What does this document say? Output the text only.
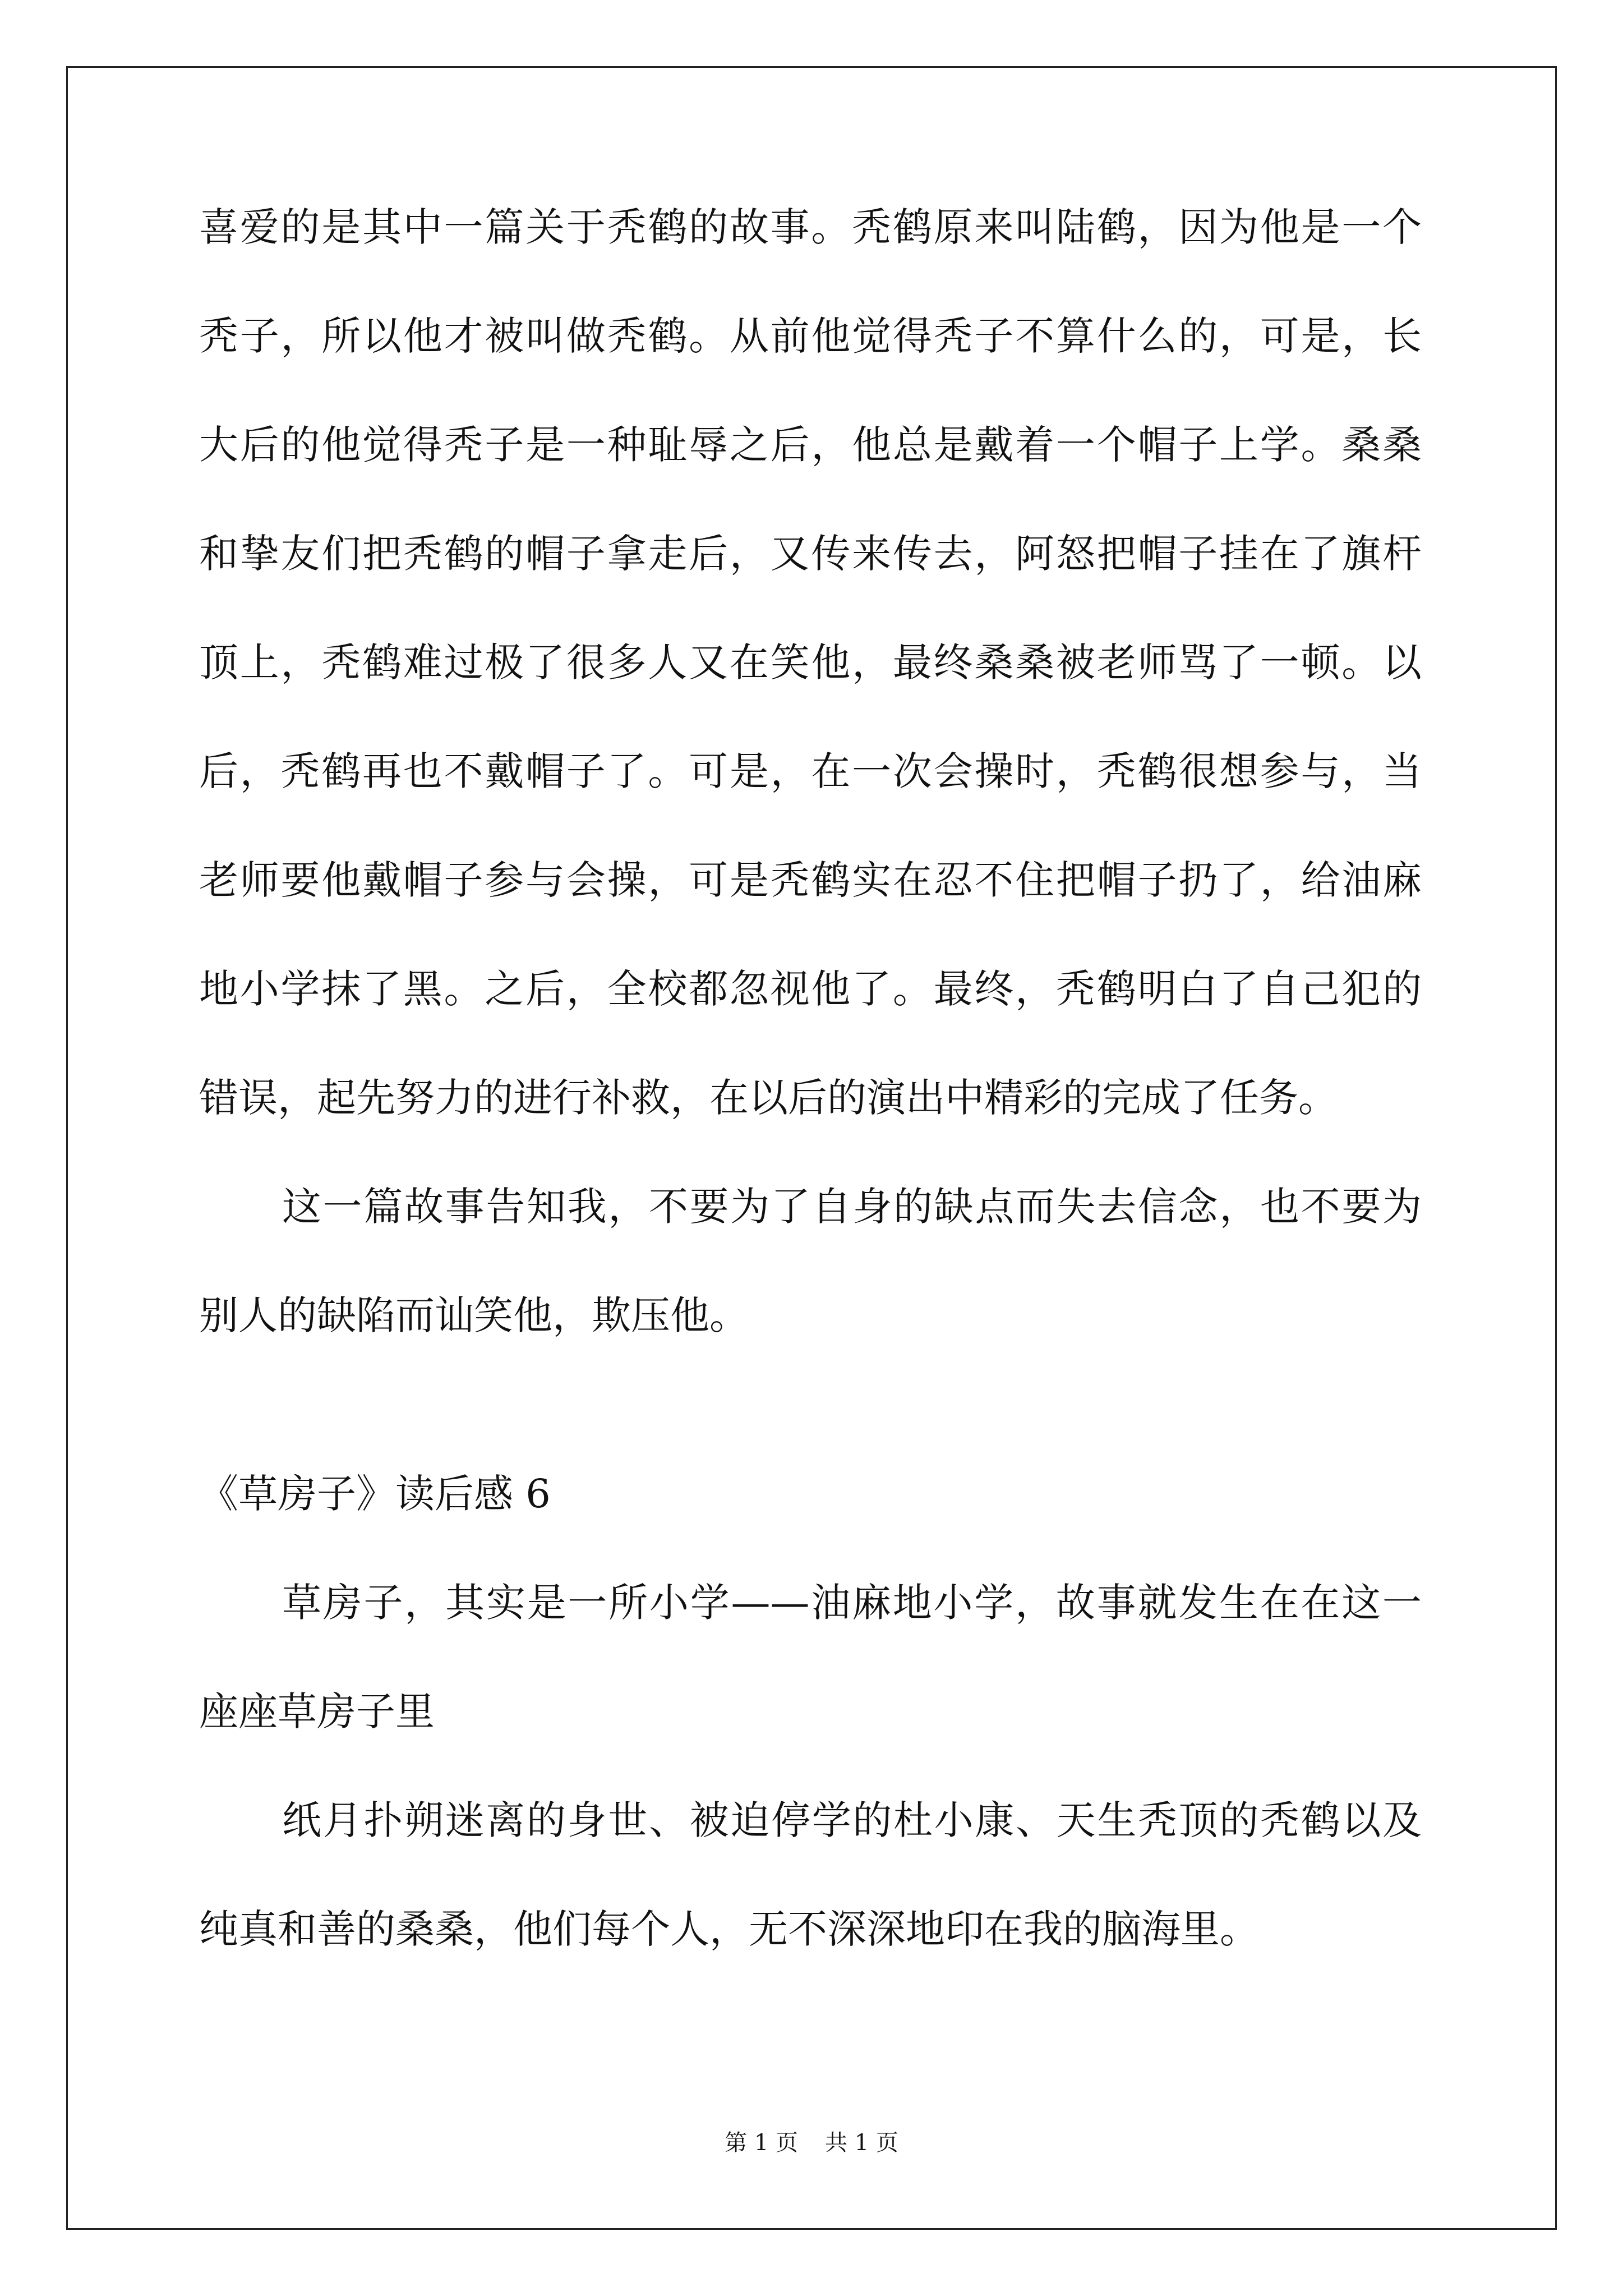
喜爱的是其中一篇关于秃鹤的故事。秃鹤原来叫陆鹤，因为他是一个
秃子，所以他才被叫做秃鹤。从前他觉得秃子不算什么的，可是，长
大后的他觉得秃子是一种耻辱之后，他总是戴着一个帽子上学。桑桑
和挚友们把秃鹤的帽子拿走后，又传来传去，阿怒把帽子挂在了旗杆
顶上，秃鹤难过极了很多人又在笑他，最终桑桑被老师骂了一顿。以
后，秃鹤再也不戴帽子了。可是，在一次会操时，秃鹤很想参与，当
老师要他戴帽子参与会操，可是秃鹤实在忍不住把帽子扔了，给油麻
地小学抹了黑。之后，全校都忽视他了。最终，秃鹤明白了自己犯的
错误，起先努力的进行补救，在以后的演出中精彩的完成了任务。
这一篇故事告知我，不要为了自身的缺点而失去信念，也不要为
别人的缺陷而讪笑他，欺压他。
《草房子》读后感 6
草房子，其实是一所小学——油麻地小学，故事就发生在在这一
座座草房子里
纸月扑朔迷离的身世、被迫停学的杜小康、天生秃顶的秃鹤以及
纯真和善的桑桑，他们每个人，无不深深地印在我的脑海里。
第 1 页 共 1 页
